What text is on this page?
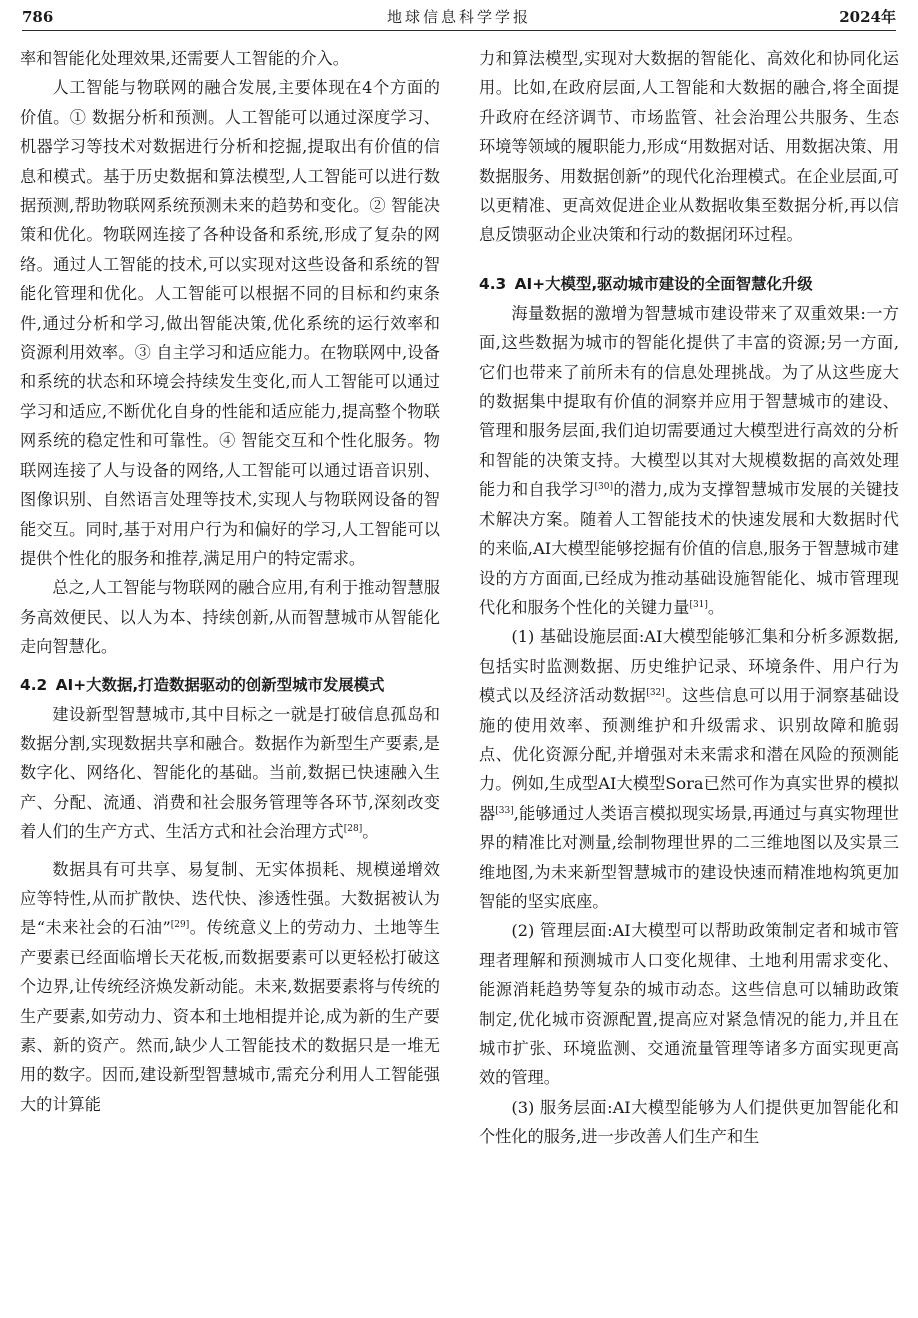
786	地球信息科学学报	2024年

率和智能化处理效果,还需要人工智能的介入。

人工智能与物联网的融合发展,主要体现在4个方面的价值。① 数据分析和预测。人工智能可以通过深度学习、机器学习等技术对数据进行分析和挖掘,提取出有价值的信息和模式。基于历史数据和算法模型,人工智能可以进行数据预测,帮助物联网系统预测未来的趋势和变化。② 智能决策和优化。物联网连接了各种设备和系统,形成了复杂的网络。通过人工智能的技术,可以实现对这些设备和系统的智能化管理和优化。人工智能可以根据不同的目标和约束条件,通过分析和学习,做出智能决策,优化系统的运行效率和资源利用效率。③ 自主学习和适应能力。在物联网中,设备和系统的状态和环境会持续发生变化,而人工智能可以通过学习和适应,不断优化自身的性能和适应能力,提高整个物联网系统的稳定性和可靠性。④ 智能交互和个性化服务。物联网连接了人与设备的网络,人工智能可以通过语音识别、图像识别、自然语言处理等技术,实现人与物联网设备的智能交互。同时,基于对用户行为和偏好的学习,人工智能可以提供个性化的服务和推荐,满足用户的特定需求。

总之,人工智能与物联网的融合应用,有利于推动智慧服务高效便民、以人为本、持续创新,从而智慧城市从智能化走向智慧化。

4.2 AI+大数据,打造数据驱动的创新型城市发展模式

建设新型智慧城市,其中目标之一就是打破信息孤岛和数据分割,实现数据共享和融合。数据作为新型生产要素,是数字化、网络化、智能化的基础。当前,数据已快速融入生产、分配、流通、消费和社会服务管理等各环节,深刻改变着人们的生产方式、生活方式和社会治理方式[28]。

数据具有可共享、易复制、无实体损耗、规模递增效应等特性,从而扩散快、迭代快、渗透性强。大数据被认为是“未来社会的石油”[29]。传统意义上的劳动力、土地等生产要素已经面临增长天花板,而数据要素可以更轻松打破这个边界,让传统经济焕发新动能。未来,数据要素将与传统的生产要素,如劳动力、资本和土地相提并论,成为新的生产要素、新的资产。然而,缺少人工智能技术的数据只是一堆无用的数字。因而,建设新型智慧城市,需充分利用人工智能强大的计算能

力和算法模型,实现对大数据的智能化、高效化和协同化运用。比如,在政府层面,人工智能和大数据的融合,将全面提升政府在经济调节、市场监管、社会治理公共服务、生态环境等领域的履职能力,形成“用数据对话、用数据决策、用数据服务、用数据创新”的现代化治理模式。在企业层面,可以更精准、更高效促进企业从数据收集至数据分析,再以信息反馈驱动企业决策和行动的数据闭环过程。

4.3 AI+大模型,驱动城市建设的全面智慧化升级

海量数据的激增为智慧城市建设带来了双重效果:一方面,这些数据为城市的智能化提供了丰富的资源;另一方面,它们也带来了前所未有的信息处理挑战。为了从这些庞大的数据集中提取有价值的洞察并应用于智慧城市的建设、管理和服务层面,我们迫切需要通过大模型进行高效的分析和智能的决策支持。大模型以其对大规模数据的高效处理能力和自我学习[30]的潜力,成为支撑智慧城市发展的关键技术解决方案。随着人工智能技术的快速发展和大数据时代的来临,AI大模型能够挖掘有价值的信息,服务于智慧城市建设的方方面面,已经成为推动基础设施智能化、城市管理现代化和服务个性化的关键力量[31]。

(1) 基础设施层面:AI大模型能够汇集和分析多源数据,包括实时监测数据、历史维护记录、环境条件、用户行为模式以及经济活动数据[32]。这些信息可以用于洞察基础设施的使用效率、预测维护和升级需求、识别故障和脆弱点、优化资源分配,并增强对未来需求和潜在风险的预测能力。例如,生成型AI大模型Sora已然可作为真实世界的模拟器[33],能够通过人类语言模拟现实场景,再通过与真实物理世界的精准比对测量,绘制物理世界的二三维地图以及实景三维地图,为未来新型智慧城市的建设快速而精准地构筑更加智能的坚实底座。

(2) 管理层面:AI大模型可以帮助政策制定者和城市管理者理解和预测城市人口变化规律、土地利用需求变化、能源消耗趋势等复杂的城市动态。这些信息可以辅助政策制定,优化城市资源配置,提高应对紧急情况的能力,并且在城市扩张、环境监测、交通流量管理等诸多方面实现更高效的管理。

(3) 服务层面:AI大模型能够为人们提供更加智能化和个性化的服务,进一步改善人们生产和生
